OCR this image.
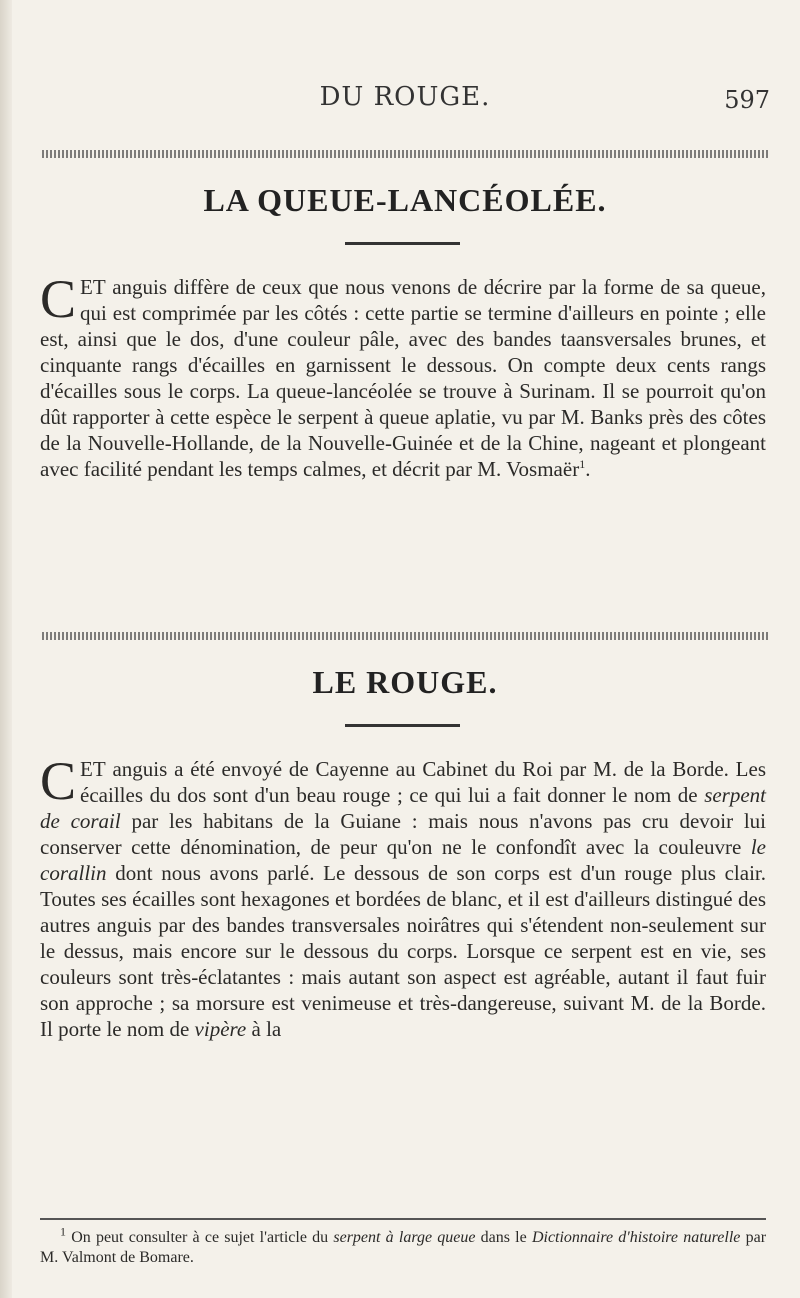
DU ROUGE.	597
LA QUEUE-LANCÉOLÉE.

CET anguis diffère de ceux que nous venons de décrire par la forme de sa queue, qui est comprimée par les côtés : cette partie se termine d'ailleurs en pointe ; elle est, ainsi que le dos, d'une couleur pâle, avec des bandes taansversales brunes, et cinquante rangs d'écailles en garnissent le dessous. On compte deux cents rangs d'écailles sous le corps. La queue-lancéolée se trouve à Surinam. Il se pourroit qu'on dût rapporter à cette espèce le serpent à queue aplatie, vu par M. Banks près des côtes de la Nouvelle-Hollande, de la Nouvelle-Guinée et de la Chine, nageant et plongeant avec facilité pendant les temps calmes, et décrit par M. Vosmaër$^1$.

LE ROUGE.

CET anguis a été envoyé de Cayenne au Cabinet du Roi par M. de la Borde. Les écailles du dos sont d'un beau rouge ; ce qui lui a fait donner le nom de serpent de corail par les habitans de la Guiane : mais nous n'avons pas cru devoir lui conserver cette dénomination, de peur qu'on ne le confondît avec la couleuvre le corallin dont nous avons parlé. Le dessous de son corps est d'un rouge plus clair. Toutes ses écailles sont hexagones et bordées de blanc, et il est d'ailleurs distingué des autres anguis par des bandes transversales noirâtres qui s'étendent non-seulement sur le dessus, mais encore sur le dessous du corps. Lorsque ce serpent est en vie, ses couleurs sont très-éclatantes : mais autant son aspect est agréable, autant il faut fuir son approche ; sa morsure est venimeuse et très-dangereuse, suivant M. de la Borde. Il porte le nom de vipère à la

$^1$ On peut consulter à ce sujet l'article du serpent à large queue dans le Dictionnaire d'histoire naturelle par M. Valmont de Bomare.
